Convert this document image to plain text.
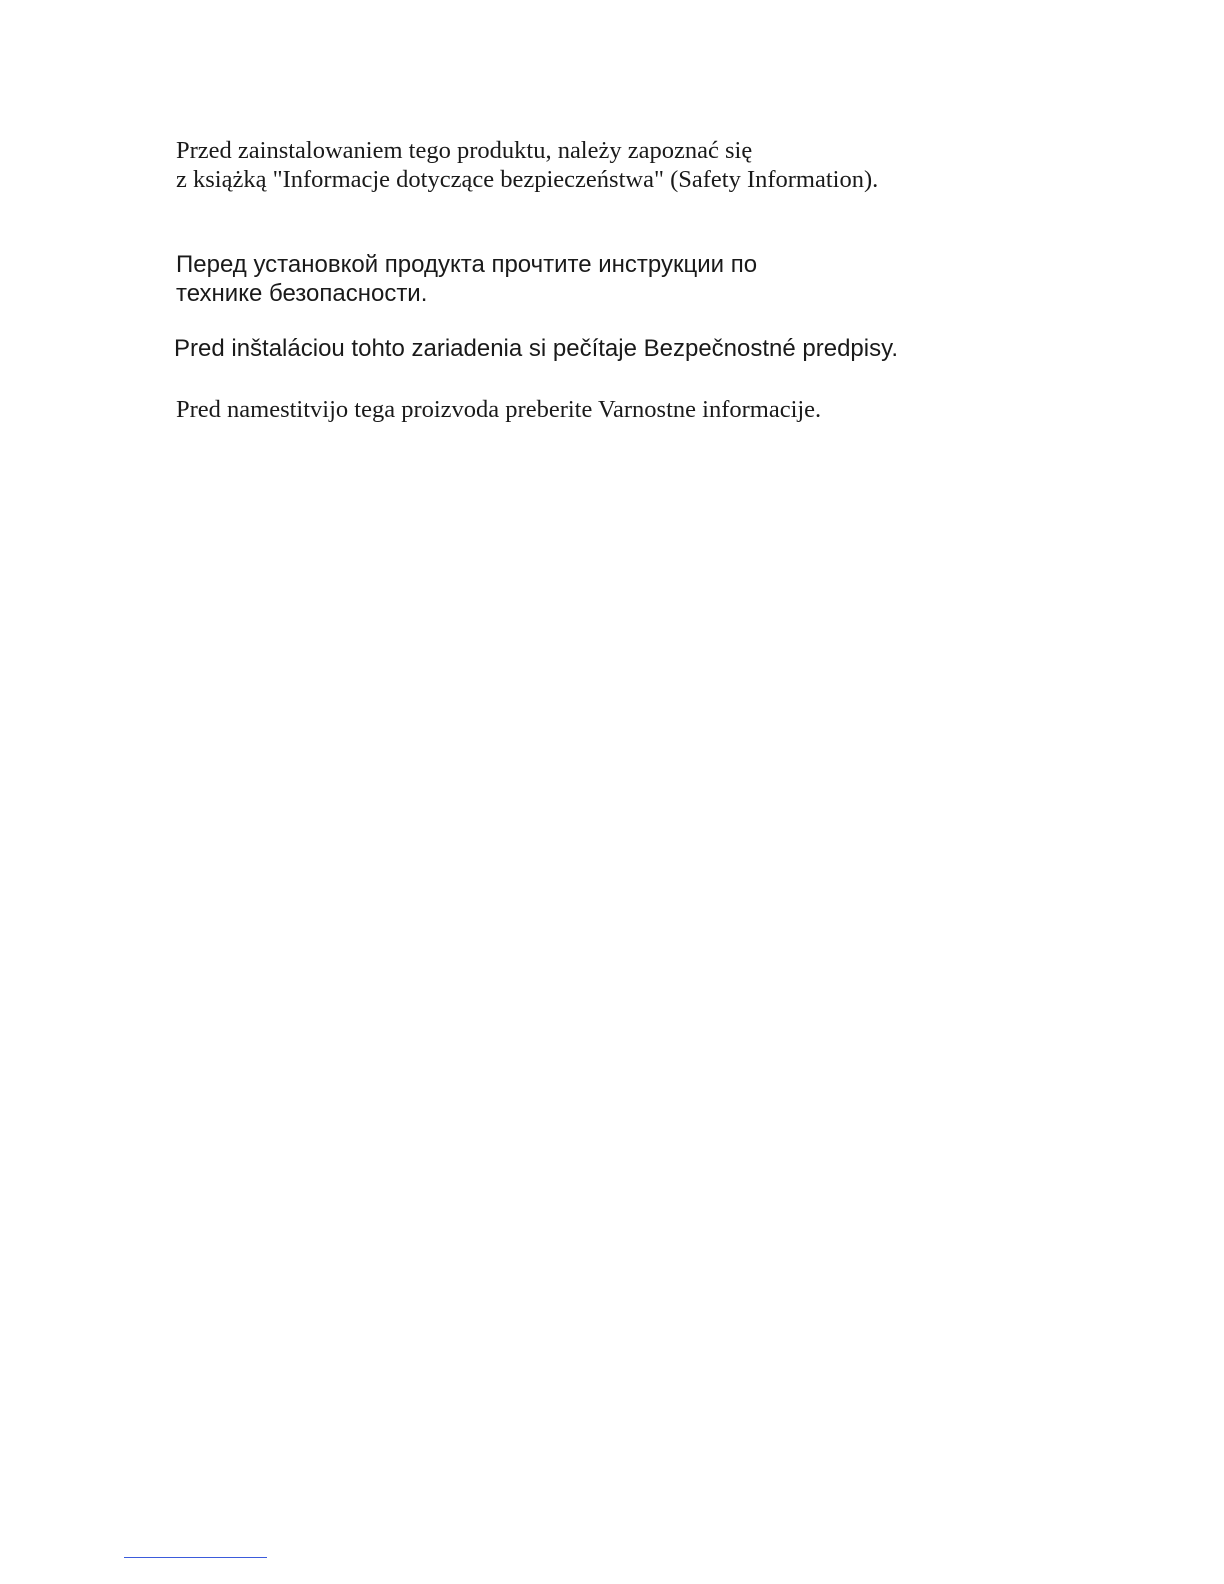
Przed zainstalowaniem tego produktu, należy zapoznać się
z książką "Informacje dotyczące bezpieczeństwa" (Safety Information).
Перед установкой продукта прочтите инструкции по
технике безопасности.
Pred inštaláciou tohto zariadenia si pečítaje Bezpečnostné predpisy.
Pred namestitvijo tega proizvoda preberite Varnostne informacije.
